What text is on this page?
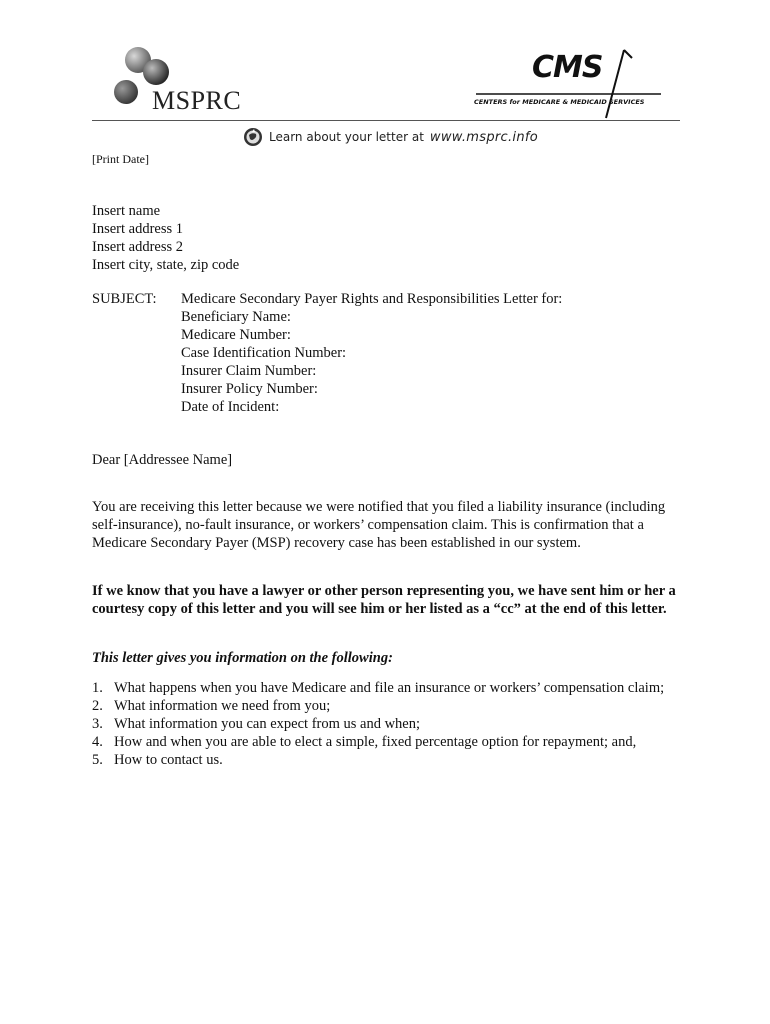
MSPRC
CMS
CENTERS for MEDICARE & MEDICAID SERVICES
Learn about your letter at www.msprc.info
[Print Date]
Insert name
Insert address 1
Insert address 2
Insert city, state, zip code
SUBJECT:	Medicare Secondary Payer Rights and Responsibilities Letter for:
Beneficiary Name:
Medicare Number:
Case Identification Number:
Insurer Claim Number:
Insurer Policy Number:
Date of Incident:
Dear [Addressee Name]
You are receiving this letter because we were notified that you filed a liability insurance (including self-insurance), no-fault insurance, or workers’ compensation claim. This is confirmation that a Medicare Secondary Payer (MSP) recovery case has been established in our system.
If we know that you have a lawyer or other person representing you, we have sent him or her a courtesy copy of this letter and you will see him or her listed as a “cc” at the end of this letter.
This letter gives you information on the following:
1. What happens when you have Medicare and file an insurance or workers’ compensation claim;
2. What information we need from you;
3. What information you can expect from us and when;
4. How and when you are able to elect a simple, fixed percentage option for repayment; and,
5. How to contact us.
